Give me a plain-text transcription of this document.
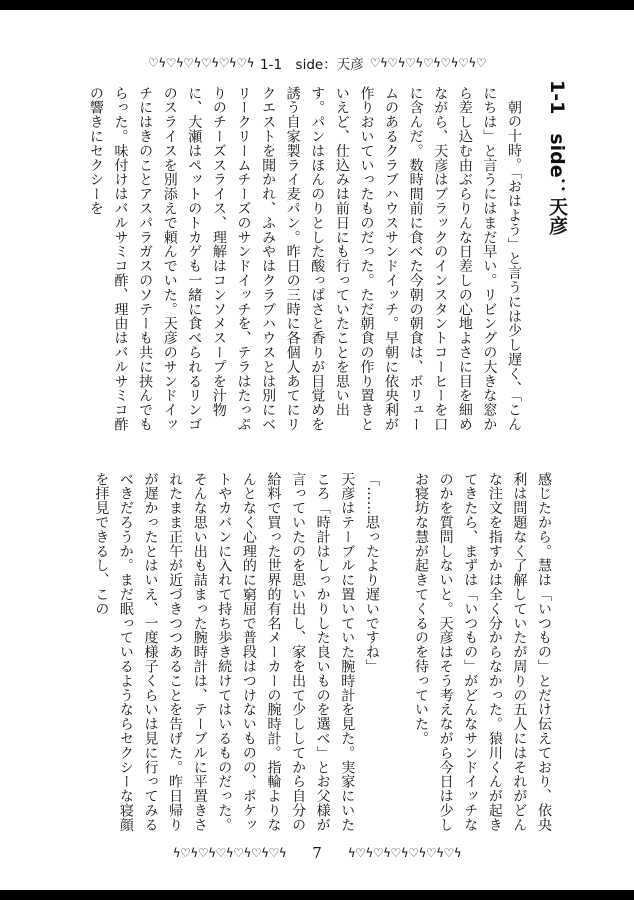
♡ϟ♡ϟ♡ϟ♡ϟ♡ϟ♡ϟ 1-1　side：天彦 ♡ϟ♡ϟ♡ϟ♡ϟ♡ϟ♡ϟ♡
1-1　side：天彦

朝の十時。「おはよう」と言うには少し遅く、「こんにちは」と言うにはまだ早い。リビングの大きな窓から差し込む由ぶらりんな日差しの心地よさに目を細めながら、天彦はブラックのインスタントコーヒーを口に含んだ。数時間前に食べた今朝の朝食は、ボリュームのあるクラブハウスサンドイッチ。早朝に依央利が作りおいていったものだった。ただ朝食の作り置きといえど、仕込みは前日にも行っていたことを思い出す。パンはほんのりとした酸っぱさと香りが目覚めを誘う自家製ライ麦パン。昨日の三時に各個人あてにリクエストを聞かれ、ふみやはクラブハウスとは別にベリークリームチーズのサンドイッチを、テラはたっぷりのチーズスライス、理解はコンソメスープを汁物に、大瀬はペットのトカゲも一緒に食べられるリンゴのスライスを別添えで頼んでいた。天彦のサンドイッチにはきのことアスパラガスのソテーも共に挟んでもらった。味付けはバルサミコ酢、理由はバルサミコ酢の響きにセクシーを

感じたから。慧は「いつもの」とだけ伝えており、依央利は問題なく了解していたが周りの五人にはそれがどんな注文を指すかは全く分からなかった。猿川くんが起きてきたら、まずは「いつもの」がどんなサンドイッチなのかを質問しないと。天彦はそう考えながら今日は少しお寝坊な慧が起きてくるのを待っていた。

「……思ったより遅いですね」

天彦はテーブルに置いていた腕時計を見た。実家にいたころ「時計はしっかりした良いものを選べ」とお父様が言っていたのを思い出し、家を出て少ししてから自分の給料で買った世界的有名メーカーの腕時計。指輪よりなんとなく心理的に窮屈で普段はつけないものの、ポケットやカバンに入れて持ち歩き続けてはいるものだった。そんな思い出も詰まった腕時計は、テーブルに平置きされたまま正午が近づきつつあることを告げた。昨日帰りが遅かったとはいえ、一度様子くらいは見に行ってみるべきだろうか。まだ眠っているようならセクシーな寝顔を拝見できるし、この

ϟ♡ϟ♡ϟ♡ϟ♡ϟ♡ϟ♡ϟ 7 ϟ♡ϟ♡ϟ♡ϟ♡ϟ♡ϟ♡ϟ
